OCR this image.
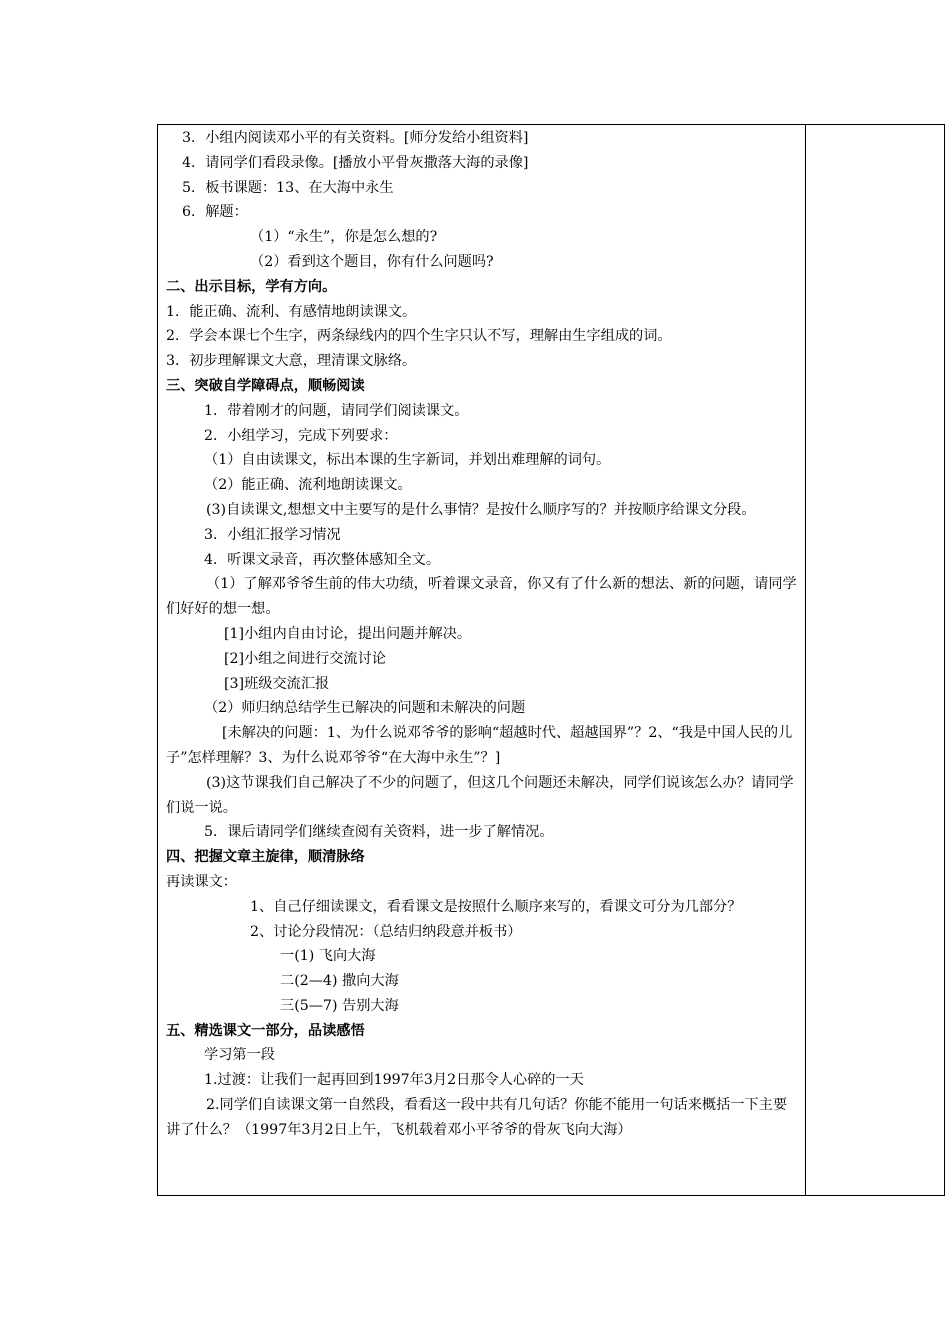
3．小组内阅读邓小平的有关资料。[师分发给小组资料]

4．请同学们看段录像。[播放小平骨灰撒落大海的录像]

5．板书课题：13、在大海中永生

6．解题：

（1）“永生”，你是怎么想的?

（2）看到这个题目，你有什么问题吗?

二、出示目标，学有方向。

1．能正确、流利、有感情地朗读课文。

2．学会本课七个生字，两条绿线内的四个生字只认不写，理解由生字组成的词。

3．初步理解课文大意，理清课文脉络。

三、突破自学障碍点，顺畅阅读

1．带着刚才的问题，请同学们阅读课文。

2．小组学习，完成下列要求：

（1）自由读课文，标出本课的生字新词，并划出难理解的词句。

（2）能正确、流利地朗读课文。

(3)自读课文,想想文中主要写的是什么事情？是按什么顺序写的？并按顺序给课文分段。

3．小组汇报学习情况

4．听课文录音，再次整体感知全文。

（1）了解邓爷爷生前的伟大功绩，听着课文录音，你又有了什么新的想法、新的问题，请同学们好好的想一想。

[1]小组内自由讨论，提出问题并解决。

[2]小组之间进行交流讨论

[3]班级交流汇报

（2）师归纳总结学生已解决的问题和未解决的问题

[未解决的问题：1、为什么说邓爷爷的影响“超越时代、超越国界”？2、“我是中国人民的儿子”怎样理解？3、为什么说邓爷爷“在大海中永生”？]

(3)这节课我们自己解决了不少的问题了，但这几个问题还未解决，同学们说该怎么办？请同学们说一说。

5．课后请同学们继续查阅有关资料，进一步了解情况。

四、把握文章主旋律，顺清脉络

再读课文：

1、自己仔细读课文，看看课文是按照什么顺序来写的，看课文可分为几部分？

2、讨论分段情况：（总结归纳段意并板书）

一(1) 飞向大海

二(2—4) 撒向大海

三(5—7) 告别大海

五、精选课文一部分，品读感悟

学习第一段

1.过渡：让我们一起再回到1997年3月2日那令人心碎的一天

2.同学们自读课文第一自然段，看看这一段中共有几句话？你能不能用一句话来概括一下主要讲了什么？（1997年3月2日上午，飞机载着邓小平爷爷的骨灰飞向大海）
